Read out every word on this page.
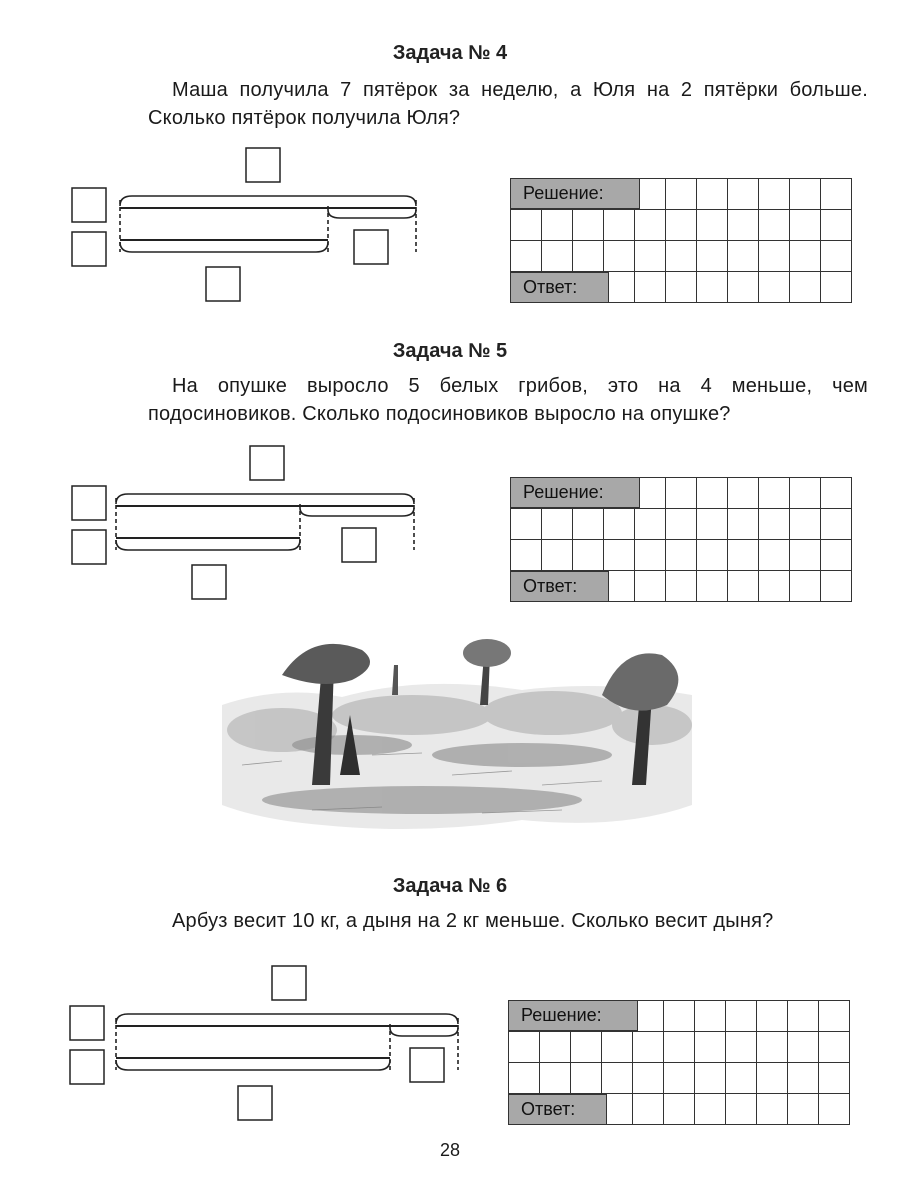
Задача № 4
Маша получила 7 пятёрок за неделю, а Юля на 2 пятёрки больше. Сколько пятёрок получила Юля?

Решение:
Ответ:
Задача № 5
На опушке выросло 5 белых грибов, это на 4 меньше, чем подосиновиков. Сколько подосиновиков выросло на опушке?

Решение:
Ответ:
Задача № 6
Арбуз весит 10 кг, а дыня на 2 кг меньше. Сколько весит дыня?

Решение:
Ответ:
28
